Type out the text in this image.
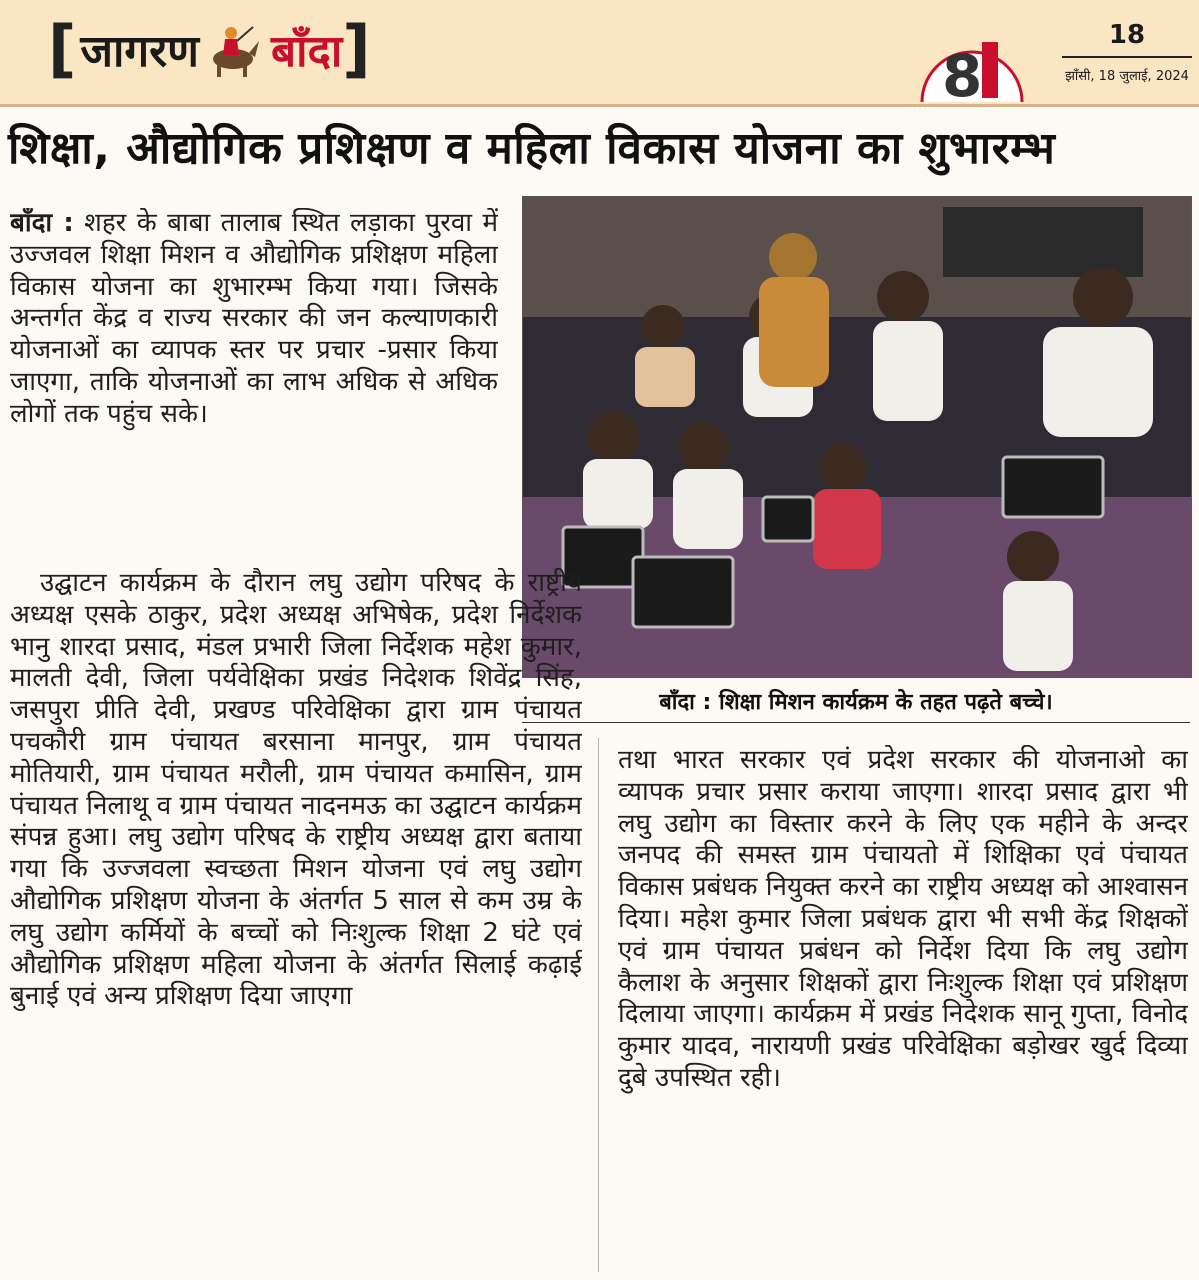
[ जागरण बाँदा ]	8
18
झाँसी, 18 जुलाई, 2024
शिक्षा, औद्योगिक प्रशिक्षण व महिला विकास योजना का शुभारम्भ

बाँदा : शहर के बाबा तालाब स्थित लड़ाका पुरवा में उज्जवल शिक्षा मिशन व औद्योगिक प्रशिक्षण महिला विकास योजना का शुभारम्भ किया गया। जिसके अन्तर्गत केंद्र व राज्य सरकार की जन कल्याणकारी योजनाओं का व्यापक स्तर पर प्रचार -प्रसार किया जाएगा, ताकि योजनाओं का लाभ अधिक से अधिक लोगों तक पहुंच सके।

बाँदा : शिक्षा मिशन कार्यक्रम के तहत पढ़ते बच्चे।

उद्घाटन कार्यक्रम के दौरान लघु उद्योग परिषद के राष्ट्रीय अध्यक्ष एसके ठाकुर, प्रदेश अध्यक्ष अभिषेक, प्रदेश निर्देशक भानु शारदा प्रसाद, मंडल प्रभारी जिला निर्देशक महेश कुमार, मालती देवी, जिला पर्यवेक्षिका प्रखंड निदेशक शिवेंद्र सिंह, जसपुरा प्रीति देवी, प्रखण्ड परिवेक्षिका द्वारा ग्राम पंचायत पचकौरी ग्राम पंचायत बरसाना मानपुर, ग्राम पंचायत मोतियारी, ग्राम पंचायत मरौली, ग्राम पंचायत कमासिन, ग्राम पंचायत निलाथू व ग्राम पंचायत नादनमऊ का उद्घाटन कार्यक्रम संपन्न हुआ। लघु उद्योग परिषद के राष्ट्रीय अध्यक्ष द्वारा बताया गया कि उज्जवला स्वच्छता मिशन योजना एवं लघु उद्योग औद्योगिक प्रशिक्षण योजना के अंतर्गत 5 साल से कम उम्र के लघु उद्योग कर्मियों के बच्चों को निःशुल्क शिक्षा 2 घंटे एवं औद्योगिक प्रशिक्षण महिला योजना के अंतर्गत सिलाई कढ़ाई बुनाई एवं अन्य प्रशिक्षण दिया जाएगा

तथा भारत सरकार एवं प्रदेश सरकार की योजनाओ का व्यापक प्रचार प्रसार कराया जाएगा। शारदा प्रसाद द्वारा भी लघु उद्योग का विस्तार करने के लिए एक महीने के अन्दर जनपद की समस्त ग्राम पंचायतो में शिक्षिका एवं पंचायत विकास प्रबंधक नियुक्त करने का राष्ट्रीय अध्यक्ष को आश्वासन दिया। महेश कुमार जिला प्रबंधक द्वारा भी सभी केंद्र शिक्षकों एवं ग्राम पंचायत प्रबंधन को निर्देश दिया कि लघु उद्योग कैलाश के अनुसार शिक्षकों द्वारा निःशुल्क शिक्षा एवं प्रशिक्षण दिलाया जाएगा। कार्यक्रम में प्रखंड निदेशक सानू गुप्ता, विनोद कुमार यादव, नारायणी प्रखंड परिवेक्षिका बड़ोखर खुर्द दिव्या दुबे उपस्थित रही।
